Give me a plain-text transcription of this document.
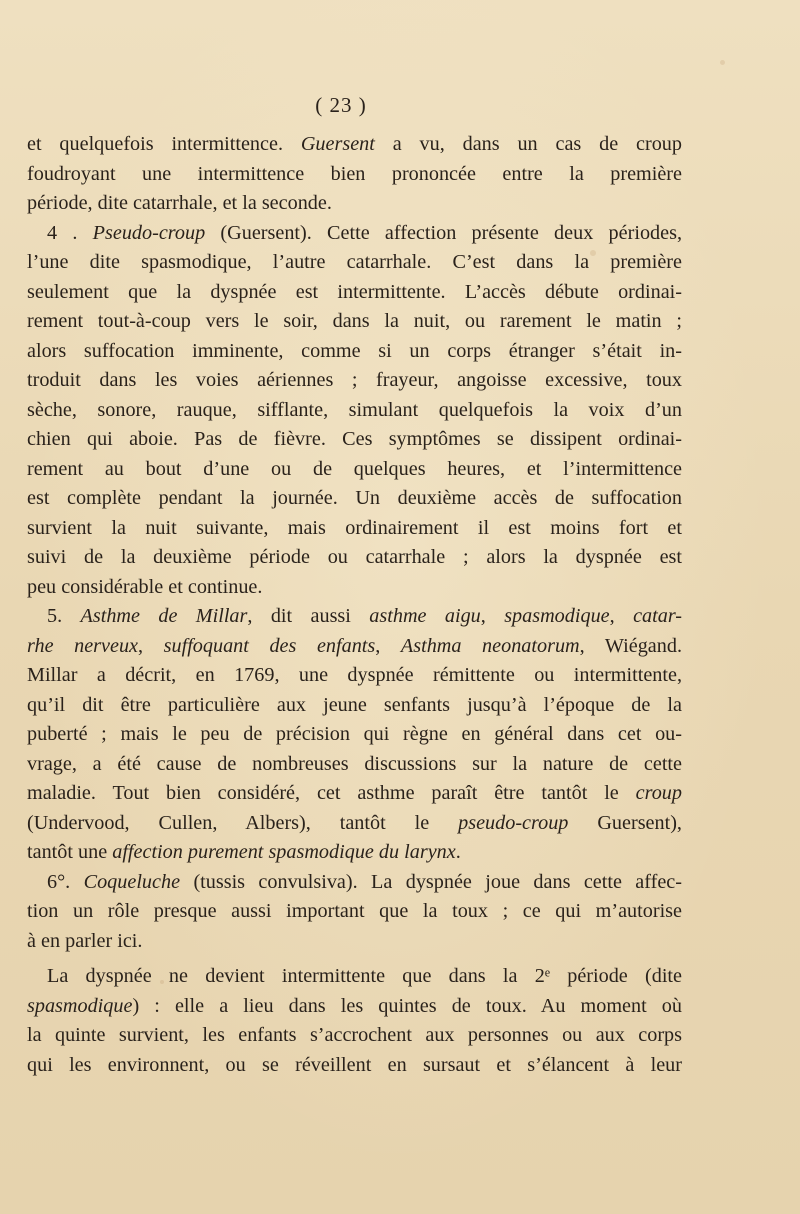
( 23 )
et quelquefois intermittence. Guersent a vu, dans un cas de croup
foudroyant une intermittence bien prononcée entre la première
période, dite catarrhale, et la seconde.
4 . Pseudo-croup (Guersent). Cette affection présente deux périodes,
l’une dite spasmodique, l’autre catarrhale. C’est dans la première
seulement que la dyspnée est intermittente. L’accès débute ordinai-
rement tout-à-coup vers le soir, dans la nuit, ou rarement le matin ;
alors suffocation imminente, comme si un corps étranger s’était in-
troduit dans les voies aériennes ; frayeur, angoisse excessive, toux
sèche, sonore, rauque, sifflante, simulant quelquefois la voix d’un
chien qui aboie. Pas de fièvre. Ces symptômes se dissipent ordinai-
rement au bout d’une ou de quelques heures, et l’intermittence
est complète pendant la journée. Un deuxième accès de suffocation
survient la nuit suivante, mais ordinairement il est moins fort et
suivi de la deuxième période ou catarrhale ; alors la dyspnée est
peu considérable et continue.
5. Asthme de Millar, dit aussi asthme aigu, spasmodique, catar-
rhe nerveux, suffoquant des enfants, Asthma neonatorum, Wiégand.
Millar a décrit, en 1769, une dyspnée rémittente ou intermittente,
qu’il dit être particulière aux jeune senfants jusqu’à l’époque de la
puberté ; mais le peu de précision qui règne en général dans cet ou-
vrage, a été cause de nombreuses discussions sur la nature de cette
maladie. Tout bien considéré, cet asthme paraît être tantôt le croup
(Undervood, Cullen, Albers), tantôt le pseudo-croup Guersent),
tantôt une affection purement spasmodique du larynx.
6°. Coqueluche (tussis convulsiva). La dyspnée joue dans cette affec-
tion un rôle presque aussi important que la toux ; ce qui m’autorise
à en parler ici.
La dyspnée ne devient intermittente que dans la 2ᵉ période (dite
spasmodique) : elle a lieu dans les quintes de toux. Au moment où
la quinte survient, les enfants s’accrochent aux personnes ou aux corps
qui les environnent, ou se réveillent en sursaut et s’élancent à leur
